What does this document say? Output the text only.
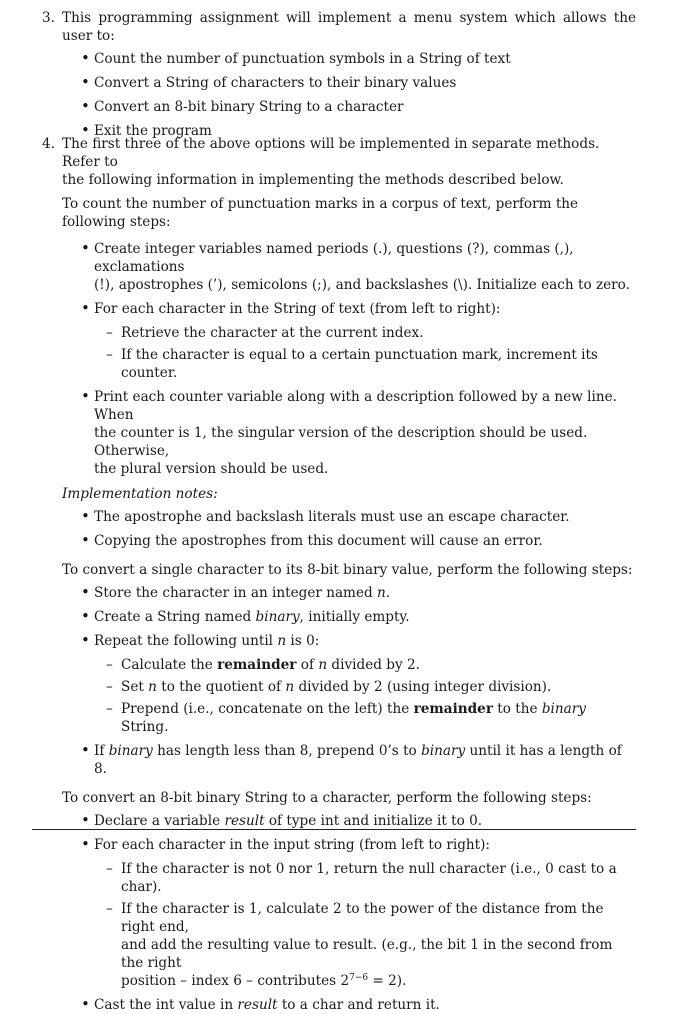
3. This programming assignment will implement a menu system which allows the user to:
• Count the number of punctuation symbols in a String of text
• Convert a String of characters to their binary values
• Convert an 8-bit binary String to a character
• Exit the program
4. The first three of the above options will be implemented in separate methods. Refer to
the following information in implementing the methods described below.
To count the number of punctuation marks in a corpus of text, perform the following steps:
• Create integer variables named periods (.), questions (?), commas (,), exclamations
(!), apostrophes (’), semicolons (;), and backslashes (\). Initialize each to zero.
• For each character in the String of text (from left to right):
– Retrieve the character at the current index.
– If the character is equal to a certain punctuation mark, increment its counter.
• Print each counter variable along with a description followed by a new line. When
the counter is 1, the singular version of the description should be used. Otherwise,
the plural version should be used.
Implementation notes:
• The apostrophe and backslash literals must use an escape character.
• Copying the apostrophes from this document will cause an error.
To convert a single character to its 8-bit binary value, perform the following steps:
• Store the character in an integer named n.
• Create a String named binary, initially empty.
• Repeat the following until n is 0:
– Calculate the remainder of n divided by 2.
– Set n to the quotient of n divided by 2 (using integer division).
– Prepend (i.e., concatenate on the left) the remainder to the binary String.
• If binary has length less than 8, prepend 0’s to binary until it has a length of 8.
To convert an 8-bit binary String to a character, perform the following steps:
• Declare a variable result of type int and initialize it to 0.
• For each character in the input string (from left to right):
– If the character is not 0 nor 1, return the null character (i.e., 0 cast to a char).
– If the character is 1, calculate 2 to the power of the distance from the right end,
and add the resulting value to result. (e.g., the bit 1 in the second from the right
position – index 6 – contributes $2^{7-6} = 2$).
• Cast the int value in result to a char and return it.
